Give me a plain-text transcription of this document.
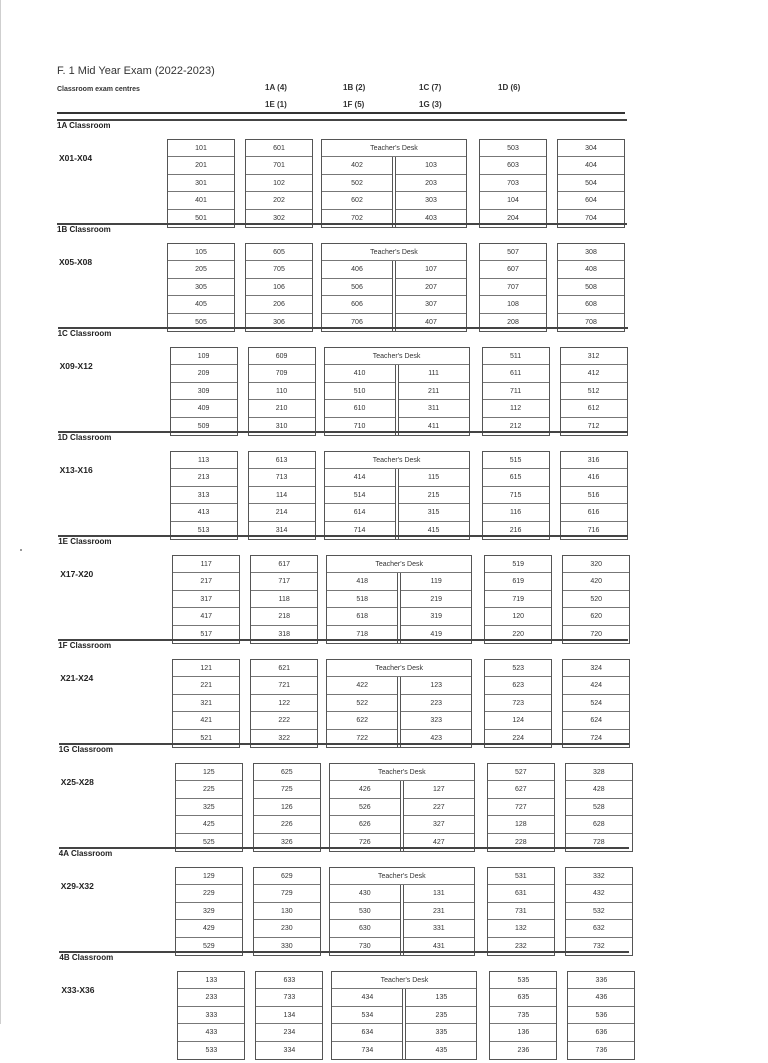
F. 1 Mid Year Exam (2022-2023)
Classroom exam centres	1A (4)
1E (1)
1B (2)
1F (5)
1C (7)
1G (3)
1D (6)
1A Classroom
X01-X04
101
201
301
401
501
601
701
102
202
302
503
603
703
104
204
304
404
504
604
704
Teacher's Desk
402
502
602
702
103
203
303
403
1B Classroom
X05-X08
105
205
305
405
505
605
705
106
206
306
507
607
707
108
208
308
408
508
608
708
Teacher's Desk
406
506
606
706
107
207
307
407
1C Classroom
X09-X12
109
209
309
409
509
609
709
110
210
310
511
611
711
112
212
312
412
512
612
712
Teacher's Desk
410
510
610
710
111
211
311
411
1D Classroom
X13-X16
113
213
313
413
513
613
713
114
214
314
515
615
715
116
216
316
416
516
616
716
Teacher's Desk
414
514
614
714
115
215
315
415
1E Classroom
X17-X20
117
217
317
417
517
617
717
118
218
318
519
619
719
120
220
320
420
520
620
720
Teacher's Desk
418
518
618
718
119
219
319
419
1F Classroom
X21-X24
121
221
321
421
521
621
721
122
222
322
523
623
723
124
224
324
424
524
624
724
Teacher's Desk
422
522
622
722
123
223
323
423
1G Classroom
X25-X28
125
225
325
425
525
625
725
126
226
326
527
627
727
128
228
328
428
528
628
728
Teacher's Desk
426
526
626
726
127
227
327
427
4A Classroom
X29-X32
129
229
329
429
529
629
729
130
230
330
531
631
731
132
232
332
432
532
632
732
Teacher's Desk
430
530
630
730
131
231
331
431
4B Classroom
X33-X36
133
233
333
433
533
633
733
134
234
334
535
635
735
136
236
336
436
536
636
736
Teacher's Desk
434
534
634
734
135
235
335
435
